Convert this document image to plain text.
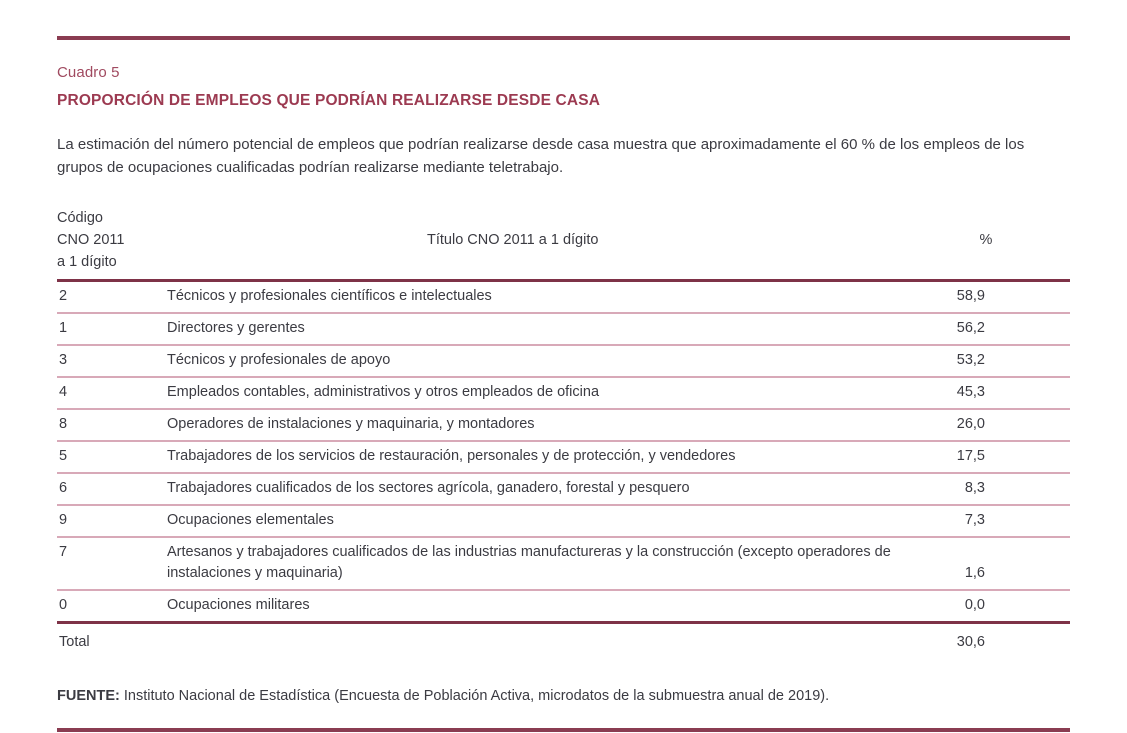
Cuadro 5
PROPORCIÓN DE EMPLEOS QUE PODRÍAN REALIZARSE DESDE CASA
La estimación del número potencial de empleos que podrían realizarse desde casa muestra que aproximadamente el 60 % de los empleos de los grupos de ocupaciones cualificadas podrían realizarse mediante teletrabajo.
Código
CNO 2011
a 1 dígito
Título CNO 2011 a 1 dígito	%
2	Técnicos y profesionales científicos e intelectuales	58,9
1	Directores y gerentes	56,2
3	Técnicos y profesionales de apoyo	53,2
4	Empleados contables, administrativos y otros empleados de oficina	45,3
8	Operadores de instalaciones y maquinaria, y montadores	26,0
5	Trabajadores de los servicios de restauración, personales y de protección, y vendedores	17,5
6	Trabajadores cualificados de los sectores agrícola, ganadero, forestal y pesquero	8,3
9	Ocupaciones elementales	7,3
7	Artesanos y trabajadores cualificados de las industrias manufactureras y la construcción (excepto operadores de instalaciones y maquinaria)	1,6
0	Ocupaciones militares	0,0
Total	30,6
FUENTE: Instituto Nacional de Estadística (Encuesta de Población Activa, microdatos de la submuestra anual de 2019).
